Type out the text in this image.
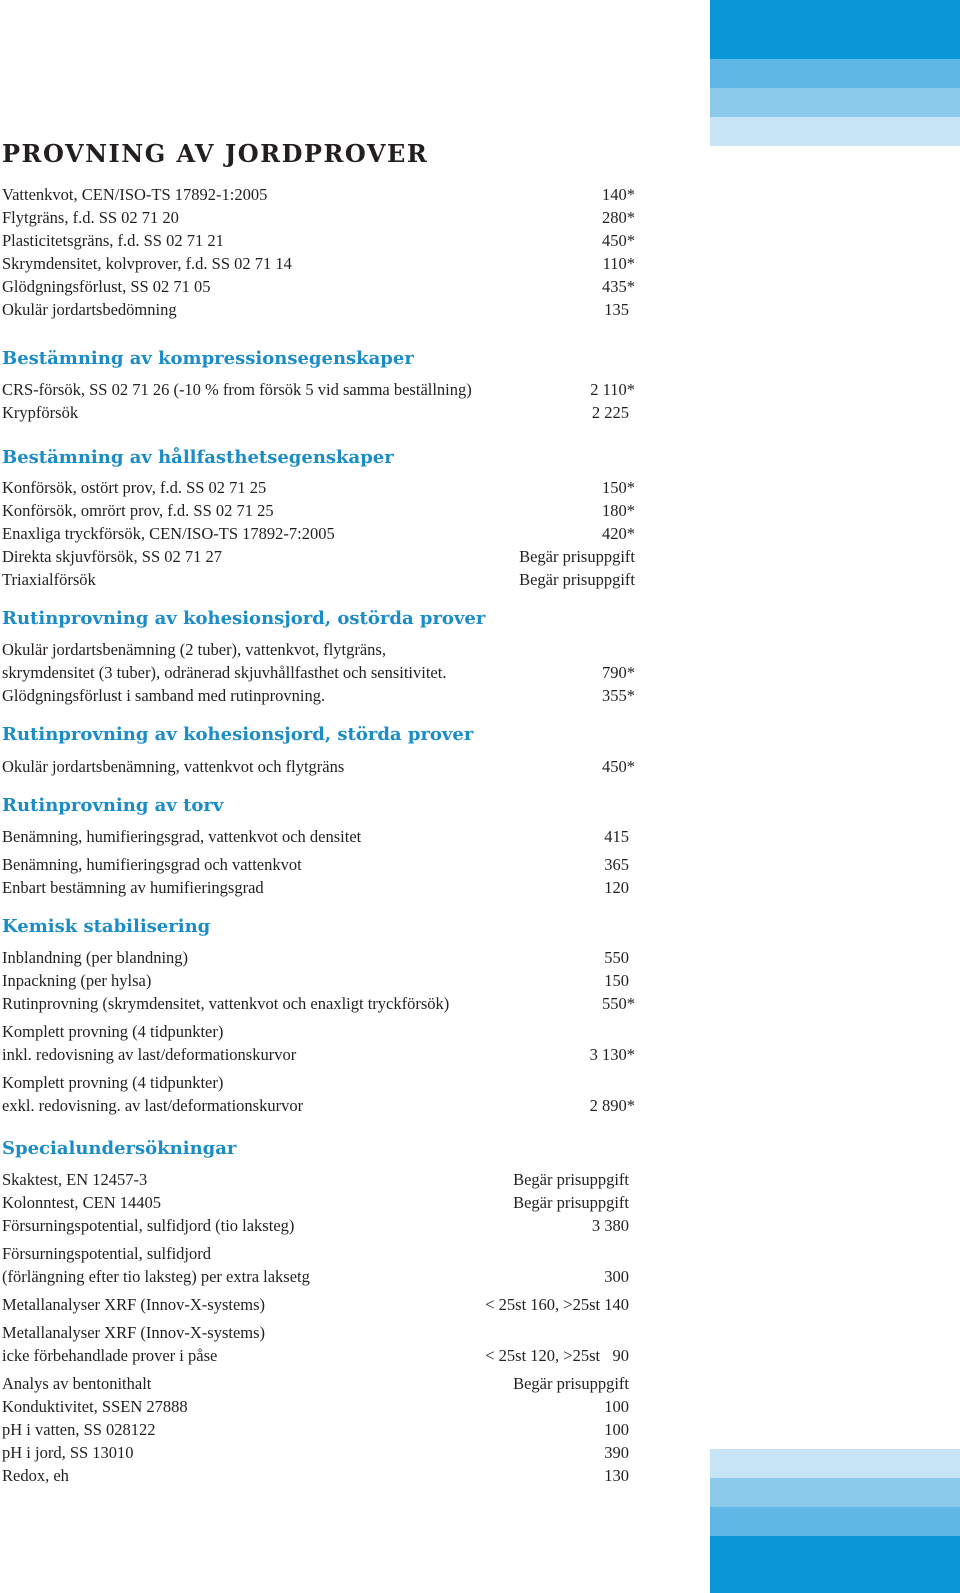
PROVNING AV JORDPROVER
Vattenkvot, CEN/ISO-TS 17892-1:2005	140*
Flytgräns, f.d. SS 02 71 20	280*
Plasticitetsgräns, f.d. SS 02 71 21	450*
Skrymdensitet, kolvprover, f.d. SS 02 71 14	110*
Glödgningsförlust, SS 02 71 05	435*
Okulär jordartsbedömning	135
Bestämning av kompressionsegenskaper
CRS-försök, SS 02 71 26 (-10 % from försök 5 vid samma beställning)	2 110*
Krypförsök	2 225
Bestämning av hållfasthetsegenskaper
Konförsök, ostört prov, f.d. SS 02 71 25	150*
Konförsök, omrört prov, f.d. SS 02 71 25	180*
Enaxliga tryckförsök, CEN/ISO-TS 17892-7:2005	420*
Direkta skjuvförsök, SS 02 71 27	Begär prisuppgift
Triaxialförsök	Begär prisuppgift
Rutinprovning av kohesionsjord, ostörda prover
Okulär jordartsbenämning (2 tuber), vattenkvot, flytgräns,
skrymdensitet (3 tuber), odränerad skjuvhållfasthet och sensitivitet.	790*
Glödgningsförlust i samband med rutinprovning.	355*
Rutinprovning av kohesionsjord, störda prover
Okulär jordartsbenämning, vattenkvot och flytgräns	450*
Rutinprovning av torv
Benämning, humifieringsgrad, vattenkvot och densitet	415
Benämning, humifieringsgrad och vattenkvot	365
Enbart bestämning av humifieringsgrad	120
Kemisk stabilisering
Inblandning (per blandning)	550
Inpackning (per hylsa)	150
Rutinprovning (skrymdensitet, vattenkvot och enaxligt tryckförsök)	550*
Komplett provning (4 tidpunkter)
inkl. redovisning av last/deformationskurvor	3 130*
Komplett provning (4 tidpunkter)
exkl. redovisning. av last/deformationskurvor	2 890*
Specialundersökningar
Skaktest, EN 12457-3	Begär prisuppgift
Kolonntest, CEN 14405	Begär prisuppgift
Försurningspotential, sulfidjord (tio laksteg)	3 380
Försurningspotential, sulfidjord
(förlängning efter tio laksteg) per extra laksetg	300
Metallanalyser XRF (Innov-X-systems)	< 25st 160, >25st 140
Metallanalyser XRF (Innov-X-systems)
icke förbehandlade prover i påse	< 25st 120, >25st   90
Analys av bentonithalt	Begär prisuppgift
Konduktivitet, SSEN 27888	100
pH i vatten, SS 028122	100
pH i jord, SS 13010	390
Redox, eh	130
